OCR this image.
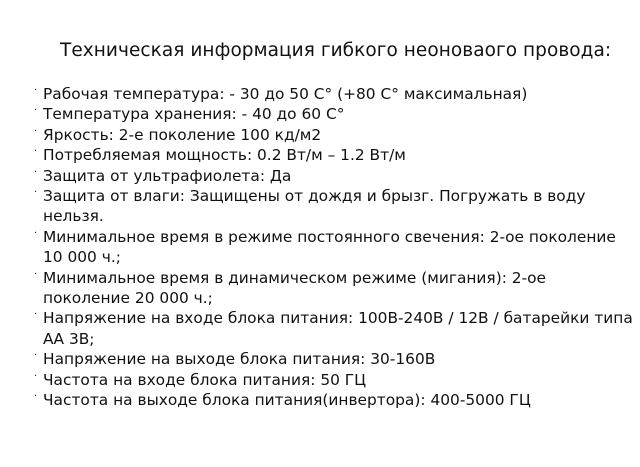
Техническая информация гибкого неоноваого провода:
· Рабочая температура: - 30 до 50 С° (+80 С° максимальная)
· Температура хранения: - 40 до 60 С°
· Яркость: 2-е поколение 100 кд/м2
· Потребляемая мощность: 0.2 Вт/м – 1.2 Вт/м
· Защита от ультрафиолета: Да
· Защита от влаги: Защищены от дождя и брызг. Погружать в воду нельзя.
· Минимальное время в режиме постоянного свечения: 2-ое поколение 10 000 ч.;
· Минимальное время в динамическом режиме (мигания): 2-ое поколение 20 000 ч.;
· Напряжение на входе блока питания: 100В-240В / 12В / батарейки типа АА 3В;
· Напряжение на выходе блока питания: 30-160В
· Частота на входе блока питания: 50 ГЦ
· Частота на выходе блока питания(инвертора): 400-5000 ГЦ
